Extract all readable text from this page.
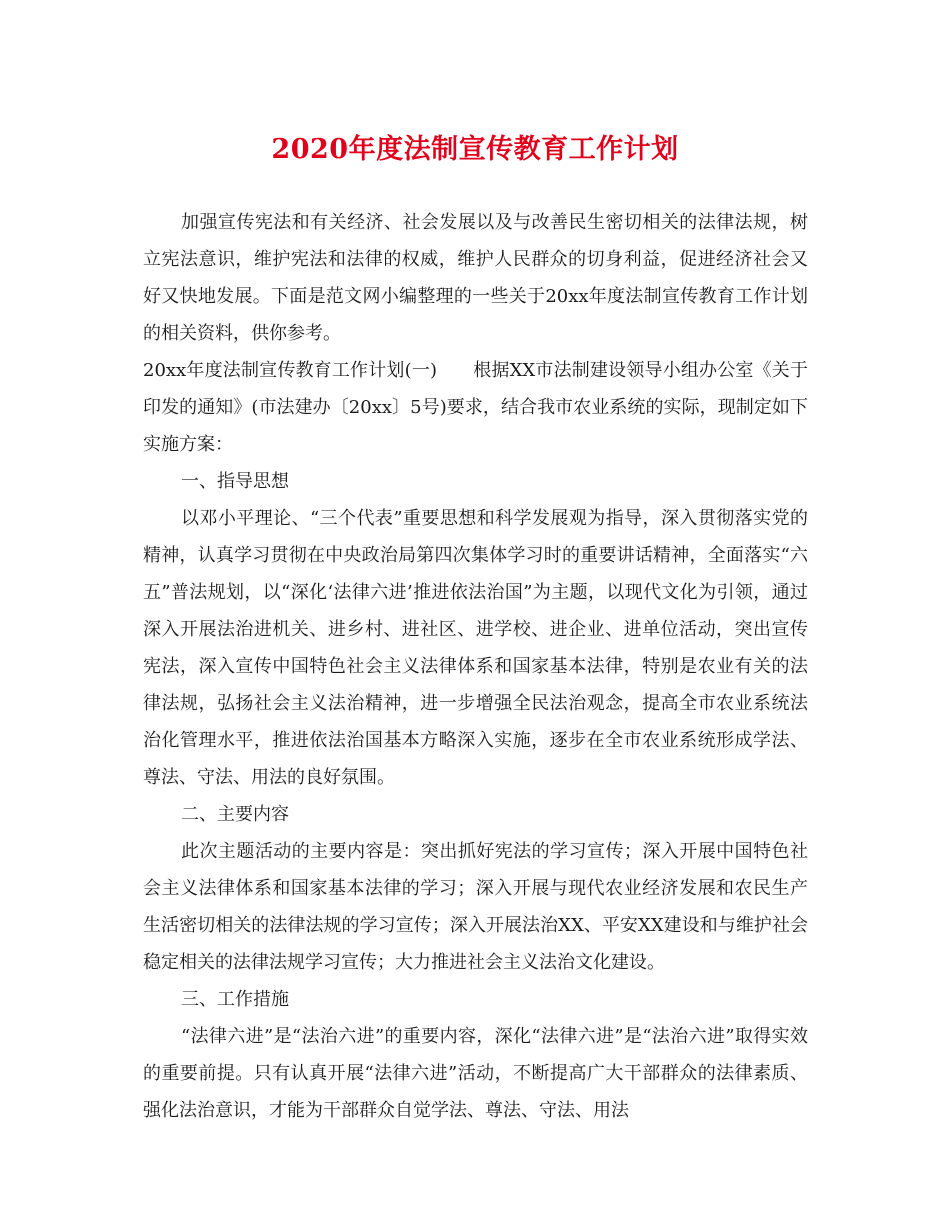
2020年度法制宣传教育工作计划

加强宣传宪法和有关经济、社会发展以及与改善民生密切相关的法律法规，树立宪法意识，维护宪法和法律的权威，维护人民群众的切身利益，促进经济社会又好又快地发展。下面是范文网小编整理的一些关于20xx年度法制宣传教育工作计划的相关资料，供你参考。

20xx年度法制宣传教育工作计划(一) 根据XX市法制建设领导小组办公室《关于印发的通知》(市法建办〔20xx〕5号)要求，结合我市农业系统的实际，现制定如下实施方案：

一、指导思想

以邓小平理论、“三个代表”重要思想和科学发展观为指导，深入贯彻落实党的精神，认真学习贯彻在中央政治局第四次集体学习时的重要讲话精神，全面落实“六五”普法规划，以“深化‘法律六进’推进依法治国”为主题，以现代文化为引领，通过深入开展法治进机关、进乡村、进社区、进学校、进企业、进单位活动，突出宣传宪法，深入宣传中国特色社会主义法律体系和国家基本法律，特别是农业有关的法律法规，弘扬社会主义法治精神，进一步增强全民法治观念，提高全市农业系统法治化管理水平，推进依法治国基本方略深入实施，逐步在全市农业系统形成学法、尊法、守法、用法的良好氛围。

二、主要内容

此次主题活动的主要内容是：突出抓好宪法的学习宣传；深入开展中国特色社会主义法律体系和国家基本法律的学习；深入开展与现代农业经济发展和农民生产生活密切相关的法律法规的学习宣传；深入开展法治XX、平安XX建设和与维护社会稳定相关的法律法规学习宣传；大力推进社会主义法治文化建设。

三、工作措施

“法律六进”是“法治六进”的重要内容，深化“法律六进”是“法治六进”取得实效的重要前提。只有认真开展“法律六进”活动，不断提高广大干部群众的法律素质、强化法治意识，才能为干部群众自觉学法、尊法、守法、用法
